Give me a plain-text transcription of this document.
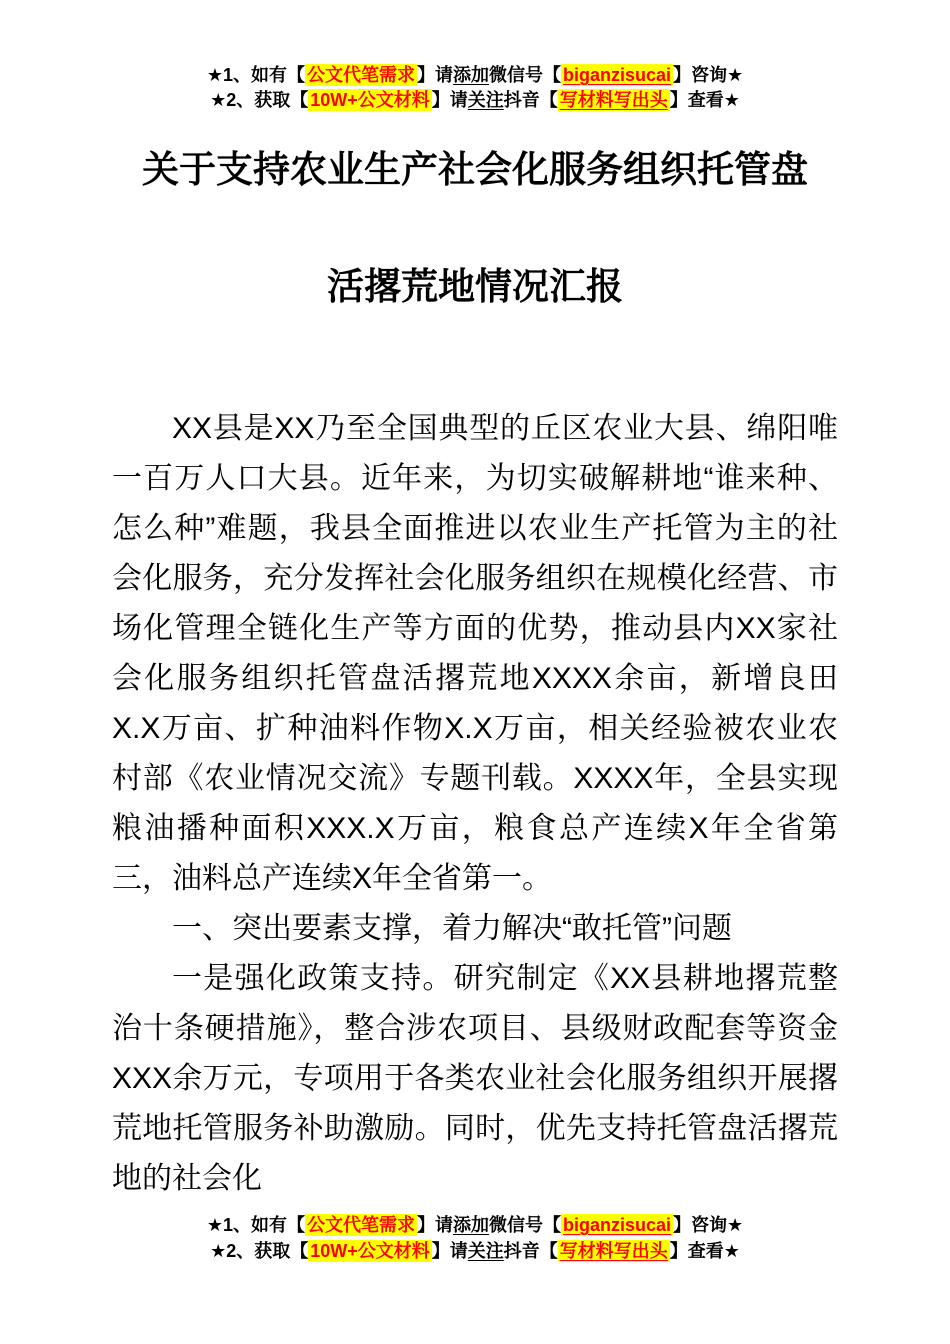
★1、如有【 公文代笔需求 】请添加微信号【 biganzisucai 】咨询★
★2、获取【 10W+公文材料 】请关注抖音【 写材料写出头 】查看★
关于支持农业生产社会化服务组织托管盘
活撂荒地情况汇报

XX县是XX乃至全国典型的丘区农业大县、绵阳唯一百万人口大县。近年来，为切实破解耕地“谁来种、怎么种”难题，我县全面推进以农业生产托管为主的社会化服务，充分发挥社会化服务组织在规模化经营、市场化管理全链化生产等方面的优势，推动县内XX家社会化服务组织托管盘活撂荒地XXXX余亩，新增良田X.X万亩、扩种油料作物X.X万亩，相关经验被农业农村部《农业情况交流》专题刊载。XXXX年，全县实现粮油播种面积XXX.X万亩，粮食总产连续X年全省第三，油料总产连续X年全省第一。

一、突出要素支撑，着力解决“敢托管”问题

一是强化政策支持。研究制定《XX县耕地撂荒整治十条硬措施》，整合涉农项目、县级财政配套等资金XXX余万元，专项用于各类农业社会化服务组织开展撂荒地托管服务补助激励。同时，优先支持托管盘活撂荒地的社会化

★1、如有【 公文代笔需求 】请添加微信号【 biganzisucai 】咨询★
★2、获取【 10W+公文材料 】请关注抖音【 写材料写出头 】查看★
